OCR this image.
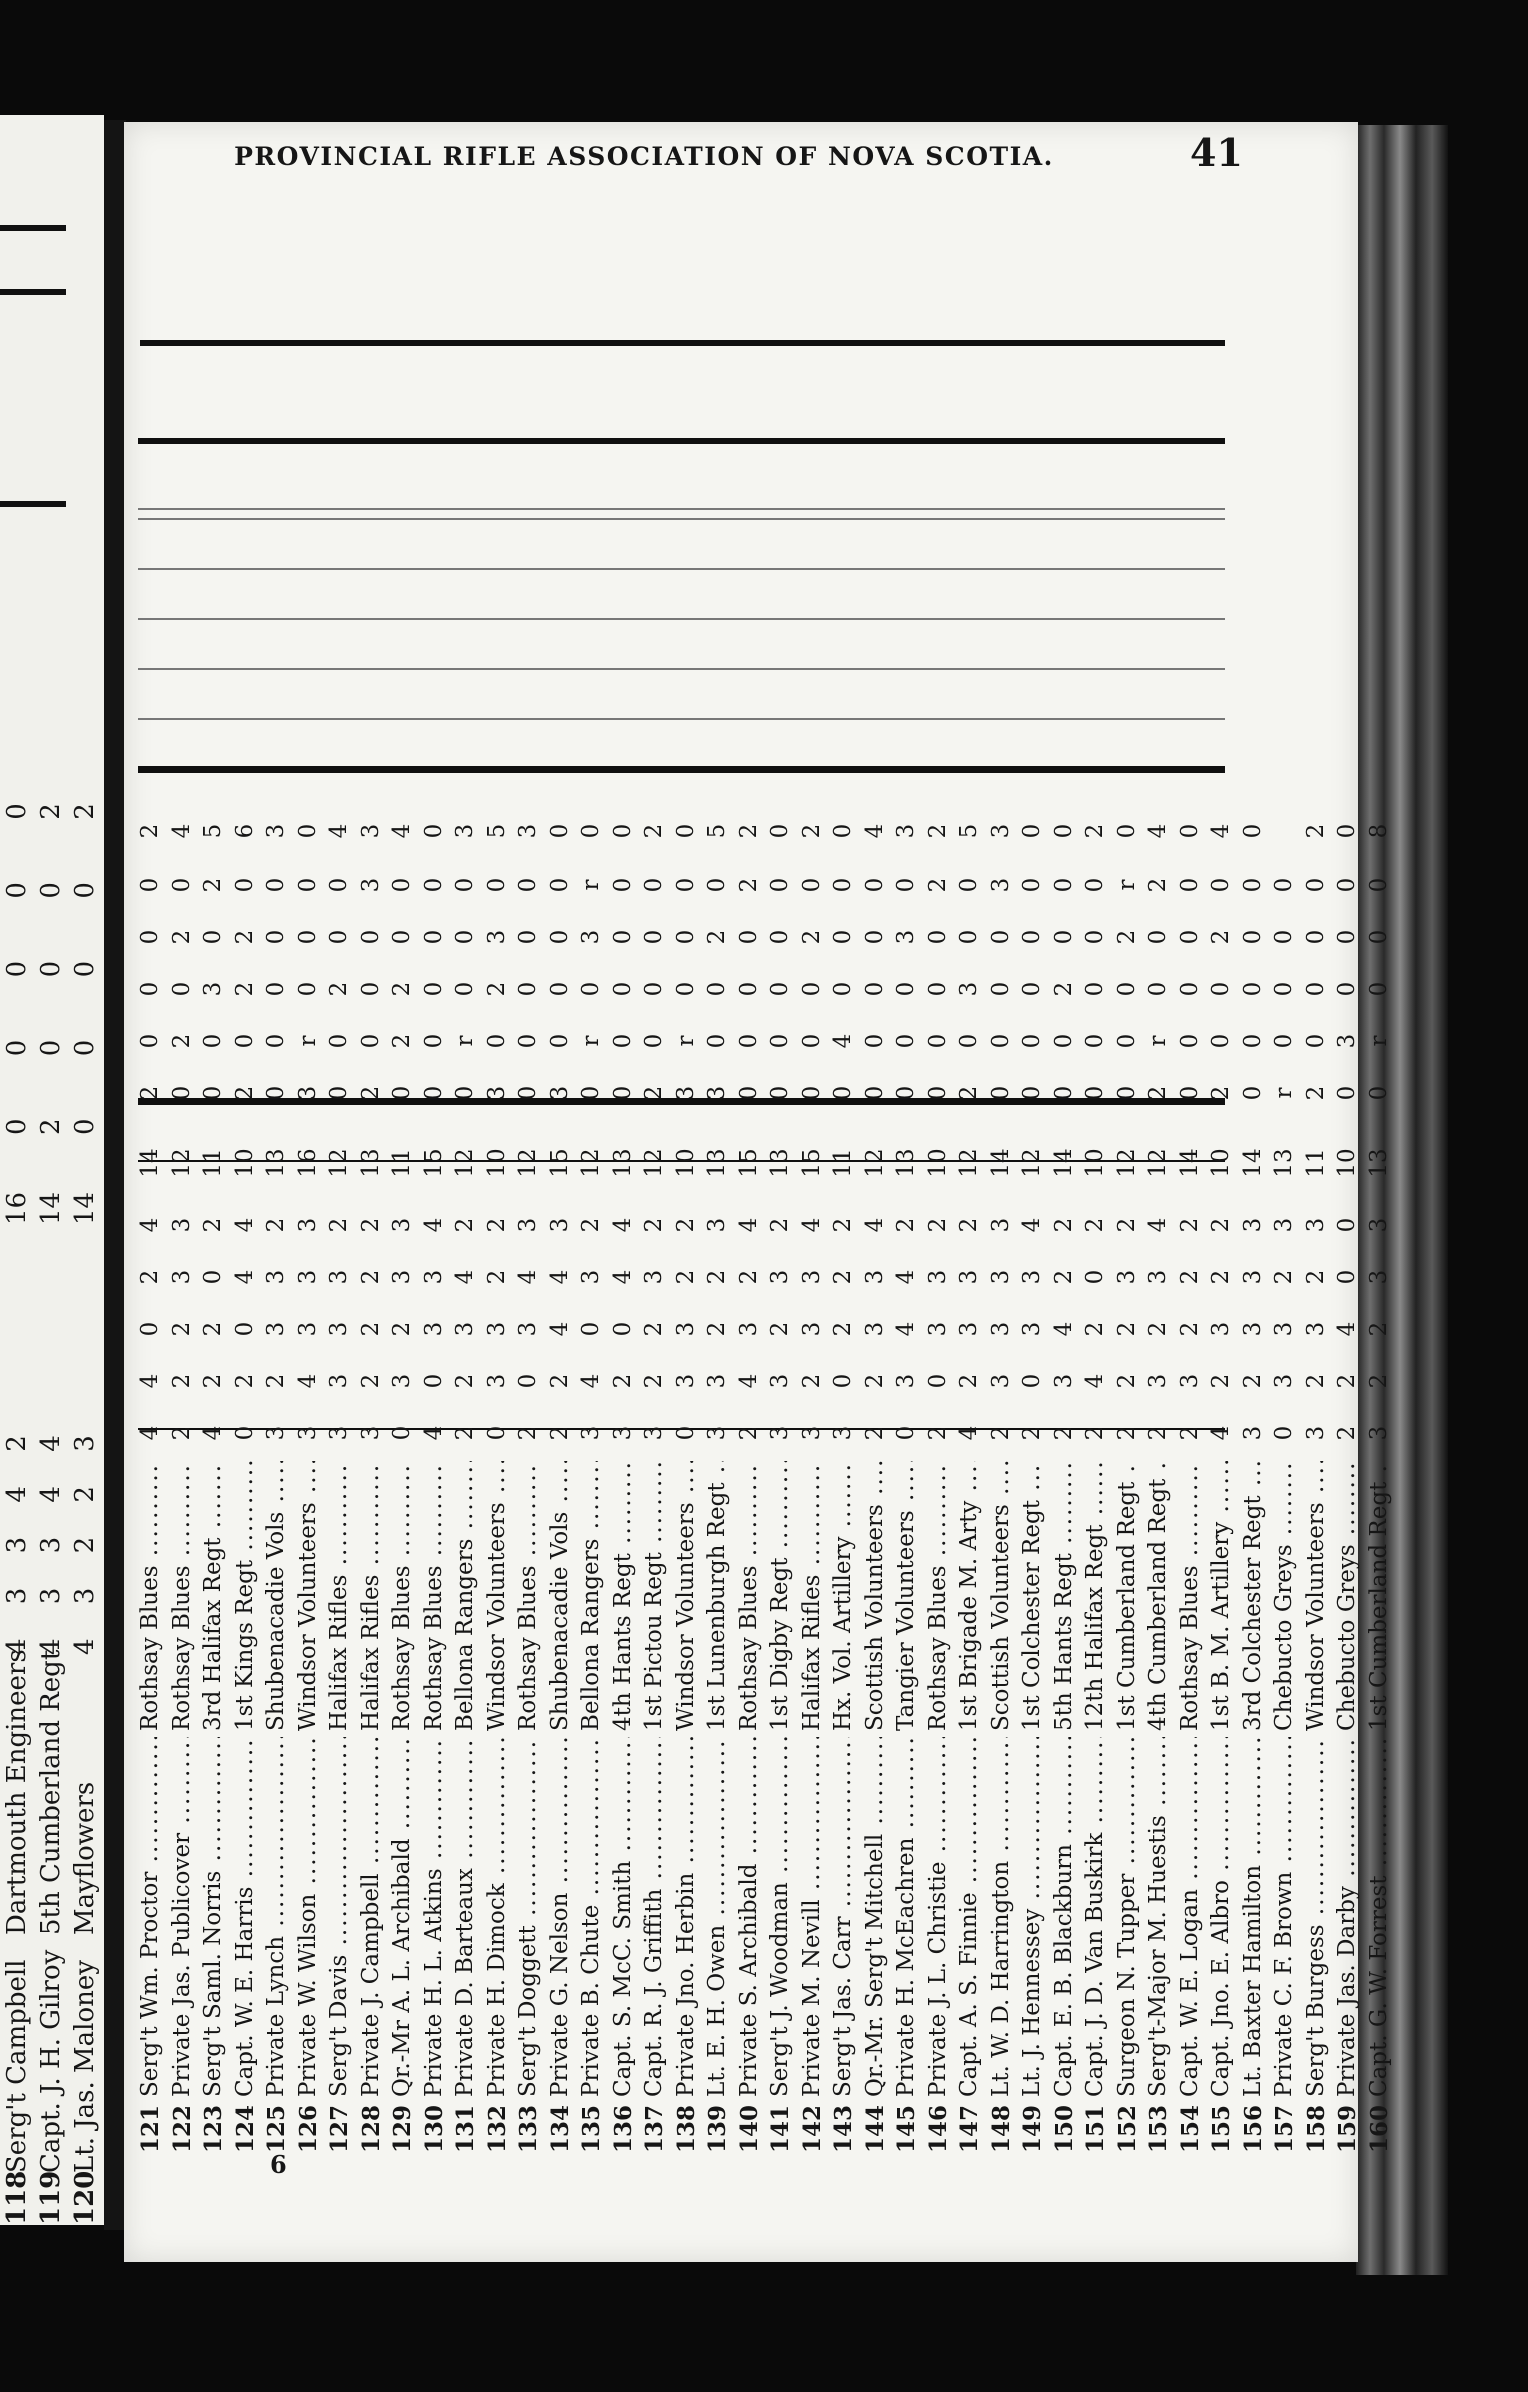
118
Serg't Campbell
Dartmouth Engineers
4 3 3 4 2
16
0 0 0 0 0
119
Capt. J. H. Gilroy
5th Cumberland Regt
4 3 3 4 4
14
2 0 0 0 2
120
Lt. Jas. Maloney
Mayflowers
4 3 2 2 3
14
0 0 0 0 2
PROVINCIAL RIFLE ASSOCIATION OF NOVA SCOTIA.	41
121
Serg't Wm. Proctor .....
Rothsay Blues .....
4
4
0
2
4
14
2
0
0
0
0
2
122
Private Jas. Publicover .....
Rothsay Blues .....
2
2
2
3
3
12
0
2
0
2
0
4
123
Serg't Saml. Norris .....
3rd Halifax Regt .....
4
2
2
0
2
11
0
0
3
0
2
5
124
Capt. W. E. Harris .....
1st Kings Regt .....
0
2
0
4
4
10
2
0
2
2
0
6
125
Private Lynch .....
Shubenacadie Vols .....
3
2
3
3
2
13
0
0
0
0
0
3
126
Private W. Wilson .....
Windsor Volunteers .....
3
4
3
3
3
16
3
r
0
0
0
0
127
Serg't Davis .....
Halifax Rifles .....
3
3
3
3
2
12
0
0
2
0
0
4
128
Private J. Campbell .....
Halifax Rifles .....
3
2
2
2
2
13
2
0
0
0
3
3
129
Qr.-Mr A. L. Archibald .....
Rothsay Blues .....
0
3
2
3
3
11
0
2
2
0
0
4
130
Private H. L. Atkins .....
Rothsay Blues .....
4
0
3
3
4
15
0
0
0
0
0
0
131
Private D. Barteaux .....
Bellona Rangers .....
2
2
3
4
2
12
0
r
0
0
0
3
132
Private H. Dimock .....
Windsor Volunteers .....
0
3
3
2
2
10
3
0
2
3
0
5
133
Serg't Doggett .....
Rothsay Blues .....
2
0
3
4
3
12
0
0
0
0
0
3
134
Private G. Nelson .....
Shubenacadie Vols .....
2
2
4
4
3
15
3
0
0
0
0
0
135
Private B. Chute .....
Bellona Rangers .....
3
4
0
3
2
12
0
r
0
3
r
0
136
Capt. S. McC. Smith .....
4th Hants Regt .....
3
2
0
4
4
13
0
0
0
0
0
0
137
Capt. R. J. Griffith .....
1st Pictou Regt .....
3
2
2
3
2
12
2
0
0
0
0
2
138
Private Jno. Herbin .....
Windsor Volunteers .....
0
3
3
2
2
10
3
r
0
0
0
0
139
Lt. E. H. Owen .....
1st Lunenburgh Regt .....
3
3
2
2
3
13
3
0
0
2
0
5
140
Private S. Archibald .....
Rothsay Blues .....
2
4
3
2
4
15
0
0
0
0
2
2
141
Serg't J. Woodman .....
1st Digby Regt .....
3
3
2
3
2
13
0
0
0
0
0
0
142
Private M. Nevill .....
Halifax Rifles .....
3
2
3
3
4
15
0
0
0
2
0
2
143
Serg't Jas. Carr .....
Hx. Vol. Artillery .....
3
0
2
2
2
11
0
4
0
0
0
0
144
Qr.-Mr. Serg't Mitchell .....
Scottish Volunteers .....
2
2
3
3
4
12
0
0
0
0
0
4
145
Private H. McEachren .....
Tangier Volunteers .....
0
3
4
4
2
13
0
0
0
3
0
3
146
Private J. L. Christie .....
Rothsay Blues .....
2
0
3
3
2
10
0
0
0
0
2
2
147
Capt. A. S. Finnie .....
1st Brigade M. Arty .....
4
2
3
3
2
12
2
0
3
0
0
5
148
Lt. W. D. Harrington .....
Scottish Volunteers .....
2
3
3
3
3
14
0
0
0
0
3
3
149
Lt. J. Hennessey .....
1st Colchester Regt .....
2
0
3
3
4
12
0
0
0
0
0
0
150
Capt. E. B. Blackburn .....
5th Hants Regt .....
2
3
4
2
2
14
0
0
2
0
0
0
151
Capt. J. D. Van Buskirk .....
12th Halifax Regt .....
2
4
2
0
2
10
0
0
0
0
0
2
152
Surgeon N. Tupper .....
1st Cumberland Regt .....
2
2
2
3
2
12
0
0
0
2
r
0
153
Serg't-Major M. Huestis .....
4th Cumberland Regt .....
2
3
2
3
4
12
2
r
0
0
2
4
154
Capt. W. E. Logan .....
Rothsay Blues .....
2
3
2
2
2
14
0
0
0
0
0
0
155
Capt. Jno. E. Albro .....
1st B. M. Artillery .....
4
2
3
2
2
10
2
0
0
2
0
4
156
Lt. Baxter Hamilton .....
3rd Colchester Regt .....
3
2
3
3
3
14
0
0
0
0
0
0
157
Private C. F. Brown .....
Chebucto Greys .....
0
3
3
2
3
13
r
0
0
0
0
158
Serg't Burgess .....
Windsor Volunteers .....
3
2
3
2
3
11
2
0
0
0
0
2
159
Private Jas. Darby .....
Chebucto Greys .....
2
2
4
0
0
10
0
3
0
0
0
0
160
Capt. G. W. Forrest .....
1st Cumberland Regt .....
3
2
2
3
3
13
0
r
0
0
0
8
6
